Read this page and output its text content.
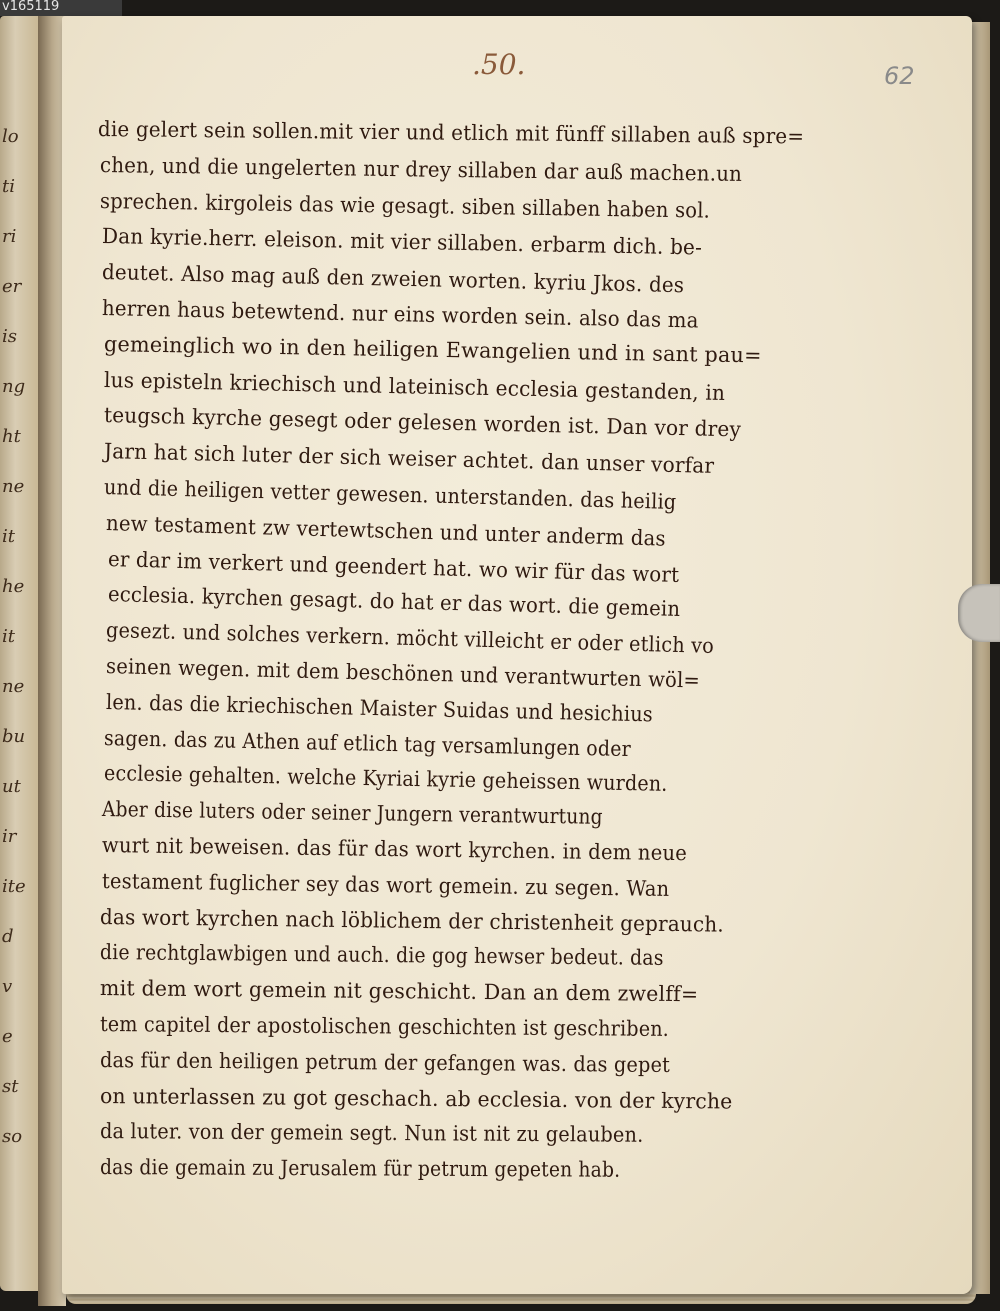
v165119
lo
ti
ri
er
is
ng
ht
ne
it
he
it
ne
bu
ut
ir
ite
d
v
e
st
so
.50.	62
die gelert sein sollen.mit vier und etlich mit fünff sillaben auß spre=
chen, und die ungelerten nur drey sillaben dar auß machen.un
sprechen. kirgoleis das wie gesagt. siben sillaben haben sol.
Dan kyrie.herr. eleison. mit vier sillaben. erbarm dich. be-
deutet. Also mag auß den zweien worten. kyriu Jkos. des
herren haus betewtend. nur eins worden sein. also das ma
gemeinglich wo in den heiligen Ewangelien und in sant pau=
lus episteln kriechisch und lateinisch ecclesia gestanden, in
teugsch kyrche gesegt oder gelesen worden ist. Dan vor drey
Jarn hat sich luter der sich weiser achtet. dan unser vorfar
und die heiligen vetter gewesen. unterstanden. das heilig
new testament zw vertewtschen und unter anderm das
er dar im verkert und geendert hat. wo wir für das wort
ecclesia. kyrchen gesagt. do hat er das wort. die gemein
gesezt. und solches verkern. möcht villeicht er oder etlich vo
seinen wegen. mit dem beschönen und verantwurten wöl=
len. das die kriechischen Maister Suidas und hesichius
sagen. das zu Athen auf etlich tag versamlungen oder
ecclesie gehalten. welche Kyriai kyrie geheissen wurden.
Aber dise luters oder seiner Jungern verantwurtung
wurt nit beweisen. das für das wort kyrchen. in dem neue
testament fuglicher sey das wort gemein. zu segen. Wan
das wort kyrchen nach löblichem der christenheit geprauch.
die rechtglawbigen und auch. die gog hewser bedeut. das
mit dem wort gemein nit geschicht. Dan an dem zwelff=
tem capitel der apostolischen geschichten ist geschriben.
das für den heiligen petrum der gefangen was. das gepet
on unterlassen zu got geschach. ab ecclesia. von der kyrche
da luter. von der gemein segt. Nun ist nit zu gelauben.
das die gemain zu Jerusalem für petrum gepeten hab.
